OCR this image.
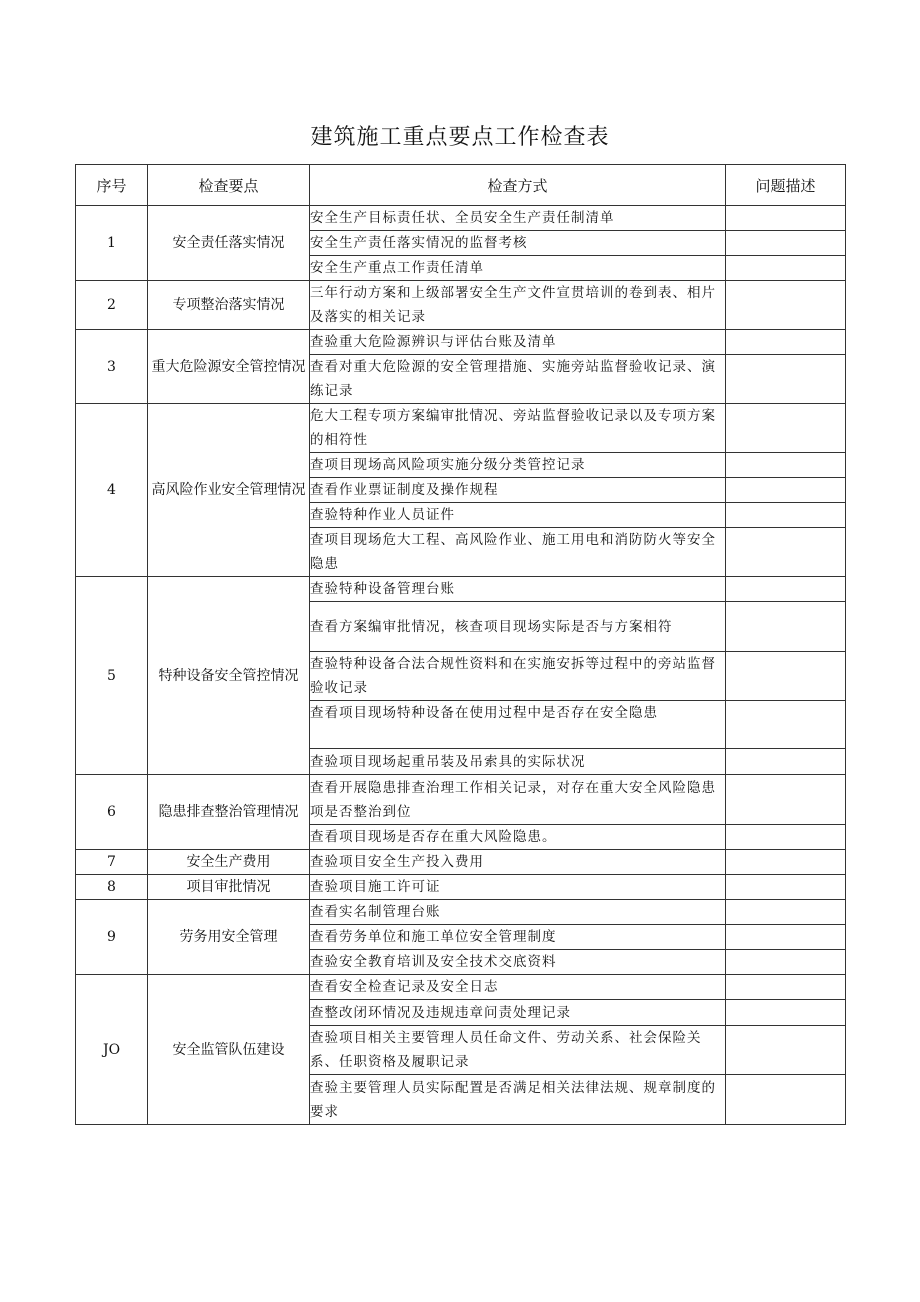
建筑施工重点要点工作检查表
序号	检查要点	检查方式	问题描述
1	安全责任落实情况	安全生产目标责任状、全员安全生产责任制清单	
		安全生产责任落实情况的监督考核	
		安全生产重点工作责任清单	
2	专项整治落实情况	三年行动方案和上级部署安全生产文件宣贯培训的卷到表、相片及落实的相关记录	
3	重大危险源安全管控情况	查验重大危险源辨识与评估台账及清单	
		查看对重大危险源的安全管理措施、实施旁站监督验收记录、演练记录	
4	高风险作业安全管理情况	危大工程专项方案编审批情况、旁站监督验收记录以及专项方案的相符性	
		查项目现场高风险项实施分级分类管控记录	
		查看作业票证制度及操作规程	
		查验特种作业人员证件	
		查项目现场危大工程、高风险作业、施工用电和消防防火等安全隐患	
5	特种设备安全管控情况	查验特种设备管理台账	
		查看方案编审批情况，核查项目现场实际是否与方案相符	
		查验特种设备合法合规性资料和在实施安拆等过程中的旁站监督验收记录	
		查看项目现场特种设备在使用过程中是否存在安全隐患	
		查验项目现场起重吊装及吊索具的实际状况	
6	隐患排查整治管理情况	查看开展隐患排查治理工作相关记录，对存在重大安全风险隐患项是否整治到位	
		查看项目现场是否存在重大风险隐患。	
7	安全生产费用	查验项目安全生产投入费用	
8	项目审批情况	查验项目施工许可证	
9	劳务用安全管理	查看实名制管理台账	
		查看劳务单位和施工单位安全管理制度	
		查验安全教育培训及安全技术交底资料	
JO	安全监管队伍建设	查看安全检查记录及安全日志	
		查整改闭环情况及违规违章问责处理记录	
		查验项目相关主要管理人员任命文件、劳动关系、社会保险关系、任职资格及履职记录	
		查验主要管理人员实际配置是否满足相关法律法规、规章制度的要求	
